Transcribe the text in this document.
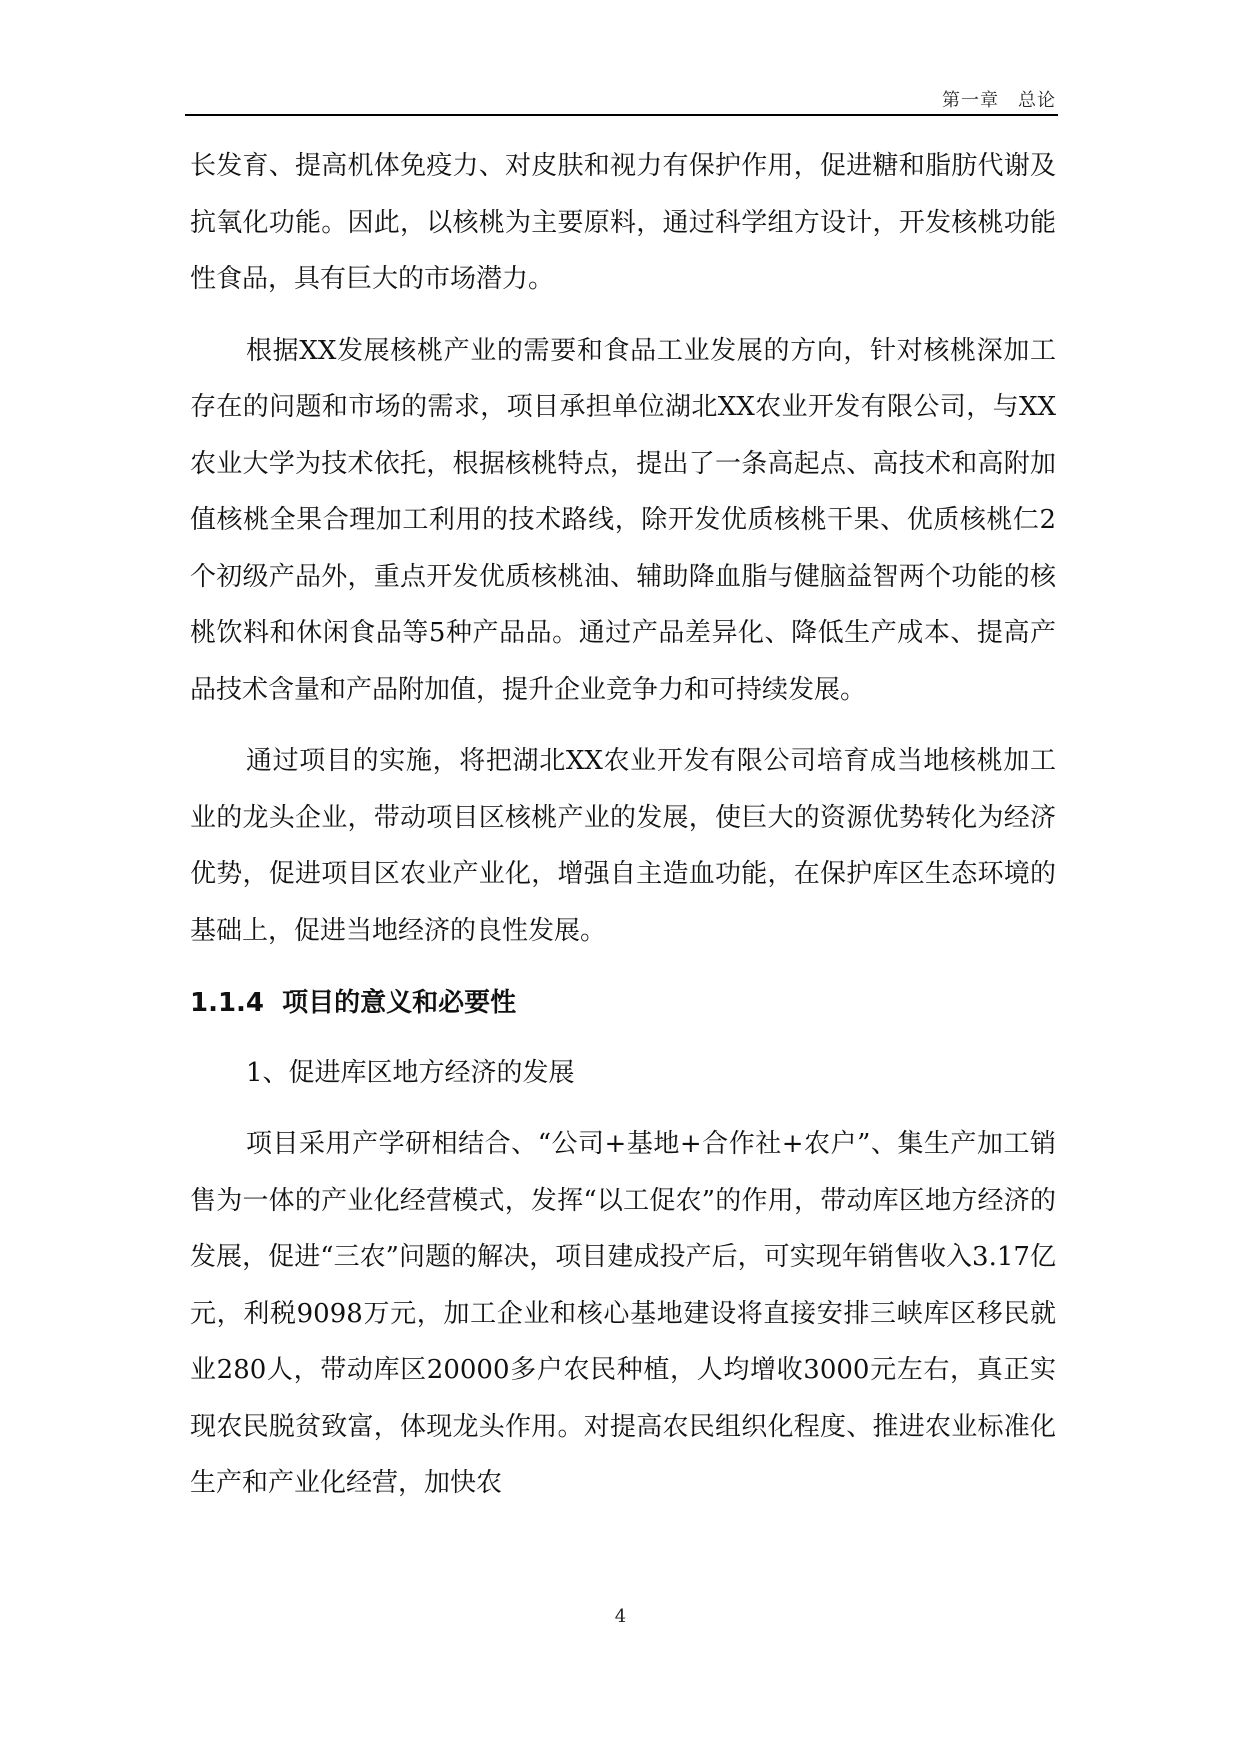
第一章　总论

长发育、提高机体免疫力、对皮肤和视力有保护作用，促进糖和脂肪代谢及抗氧化功能。因此，以核桃为主要原料，通过科学组方设计，开发核桃功能性食品，具有巨大的市场潜力。

根据XX发展核桃产业的需要和食品工业发展的方向，针对核桃深加工存在的问题和市场的需求，项目承担单位湖北XX农业开发有限公司，与XX农业大学为技术依托，根据核桃特点，提出了一条高起点、高技术和高附加值核桃全果合理加工利用的技术路线，除开发优质核桃干果、优质核桃仁2个初级产品外，重点开发优质核桃油、辅助降血脂与健脑益智两个功能的核桃饮料和休闲食品等5种产品品。通过产品差异化、降低生产成本、提高产品技术含量和产品附加值，提升企业竞争力和可持续发展。

通过项目的实施，将把湖北XX农业开发有限公司培育成当地核桃加工业的龙头企业，带动项目区核桃产业的发展，使巨大的资源优势转化为经济优势，促进项目区农业产业化，增强自主造血功能，在保护库区生态环境的基础上，促进当地经济的良性发展。

1.1.4 项目的意义和必要性

1、促进库区地方经济的发展

项目采用产学研相结合、“公司+基地+合作社+农户”、集生产加工销售为一体的产业化经营模式，发挥“以工促农”的作用，带动库区地方经济的发展，促进“三农”问题的解决，项目建成投产后，可实现年销售收入3.17亿元，利税9098万元，加工企业和核心基地建设将直接安排三峡库区移民就业280人，带动库区20000多户农民种植，人均增收3000元左右，真正实现农民脱贫致富，体现龙头作用。对提高农民组织化程度、推进农业标准化生产和产业化经营，加快农

4
